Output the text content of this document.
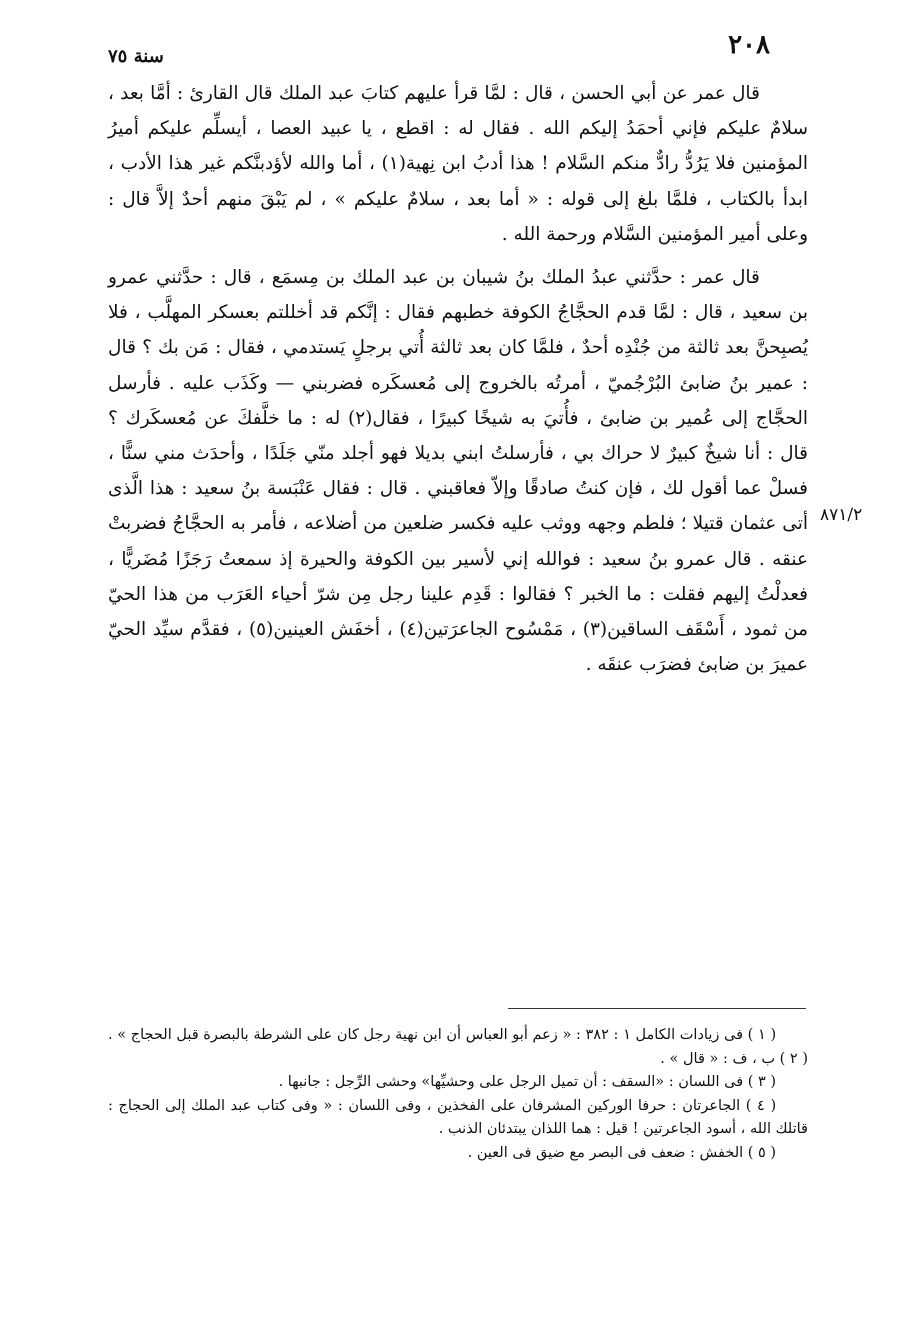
٢٠٨
سنة ٧٥

قال عمر عن أبي الحسن ، قال : لمَّا قرأ عليهم كتابَ عبد الملك قال القارئ : أمَّا بعد ، سلامٌ عليكم فإني أحمَدُ إليكم الله . فقال له : اقطع ، يا عبيد العصا ، أيسلِّم عليكم أميرُ المؤمنين فلا يَرُدُّ رادٌّ منكم السَّلام ! هذا أدبُ ابن نِهية(١) ، أما والله لأؤدبنَّكم غير هذا الأدب ، ابدأ بالكتاب ، فلمَّا بلغ إلى قوله : « أما بعد ، سلامٌ عليكم » ، لم يَبْقَ منهم أحدٌ إلاَّ قال : وعلى أمير المؤمنين السَّلام ورحمة الله .

قال عمر : حدَّثني عبدُ الملك بنُ شيبان بن عبد الملك بن مِسمَع ، قال : حدَّثني عمرو بن سعيد ، قال : لمَّا قدم الحجَّاجُ الكوفة خطبهم فقال : إنَّكم قد أخللتم بعسكر المهلَّب ، فلا يُصبِحنَّ بعد ثالثة من جُنْدِه أحدٌ ، فلمَّا كان بعد ثالثة أُتي برجلٍ يَستدمي ، فقال : مَن بك ؟ قال : عمير بنُ ضابئ البُرْجُميّ ، أمرتُه بالخروج إلى مُعسكَره فضربني — وكَذَب عليه . فأرسل الحجَّاج إلى عُمير بن ضابئ ، فأُتيَ به شيخًا كبيرًا ، فقال(٢) له : ما خلَّفكَ عن مُعسكَرك ؟ قال : أنا شيخٌ كبيرٌ لا حراك بي ، فأرسلتُ ابني بديلا فهو أجلد منّي جَلَدًا ، وأحدَث مني سنًّا ، فسلْ عما أقول لك ، فإن كنتُ صادقًا وإلاّ فعاقبني . قال : فقال عَنْبَسة بنُ سعيد : هذا الَّذى أتى عثمان قتيلا ؛ فلطم وجهه ووثب عليه فكسر ضلعين من أضلاعه ، فأمر به الحجَّاجُ فضربتْ عنقه . قال عمرو بنُ سعيد : فوالله إني لأسير بين الكوفة والحيرة إذ سمعتُ رَجَزًا مُضَريًّا ، فعدلْتُ إليهم فقلت : ما الخبر ؟ فقالوا : قَدِم علينا رجل مِن شرّ أحياء العَرَب من هذا الحيّ من ثمود ، أَسْقَف الساقين(٣) ، مَمْسُوح الجاعرَتين(٤) ، أخفَش العينين(٥) ، فقدَّم سيِّد الحيّ عميرَ بن ضابئ فضرَب عنقَه .

٨٧١/٢

( ١ ) فى زيادات الكامل ١ : ٣٨٢ : « زعم أبو العباس أن ابن نهية رجل كان على الشرطة بالبصرة قبل الحجاج » . ( ٢ ) ب ، ف : « قال » .

( ٣ ) فى اللسان : «السقف : أن تميل الرجل على وحشيِّها» وحشى الرِّجل : جانبها .

( ٤ ) الجاعرتان : حرفا الوركين المشرفان على الفخذين ، وفى اللسان : « وفى كتاب عبد الملك إلى الحجاج : قاتلك الله ، أسود الجاعرتين ! قيل : هما اللذان يبتدئان الذنب .

( ٥ ) الخفش : ضعف فى البصر مع ضيق فى العين .
